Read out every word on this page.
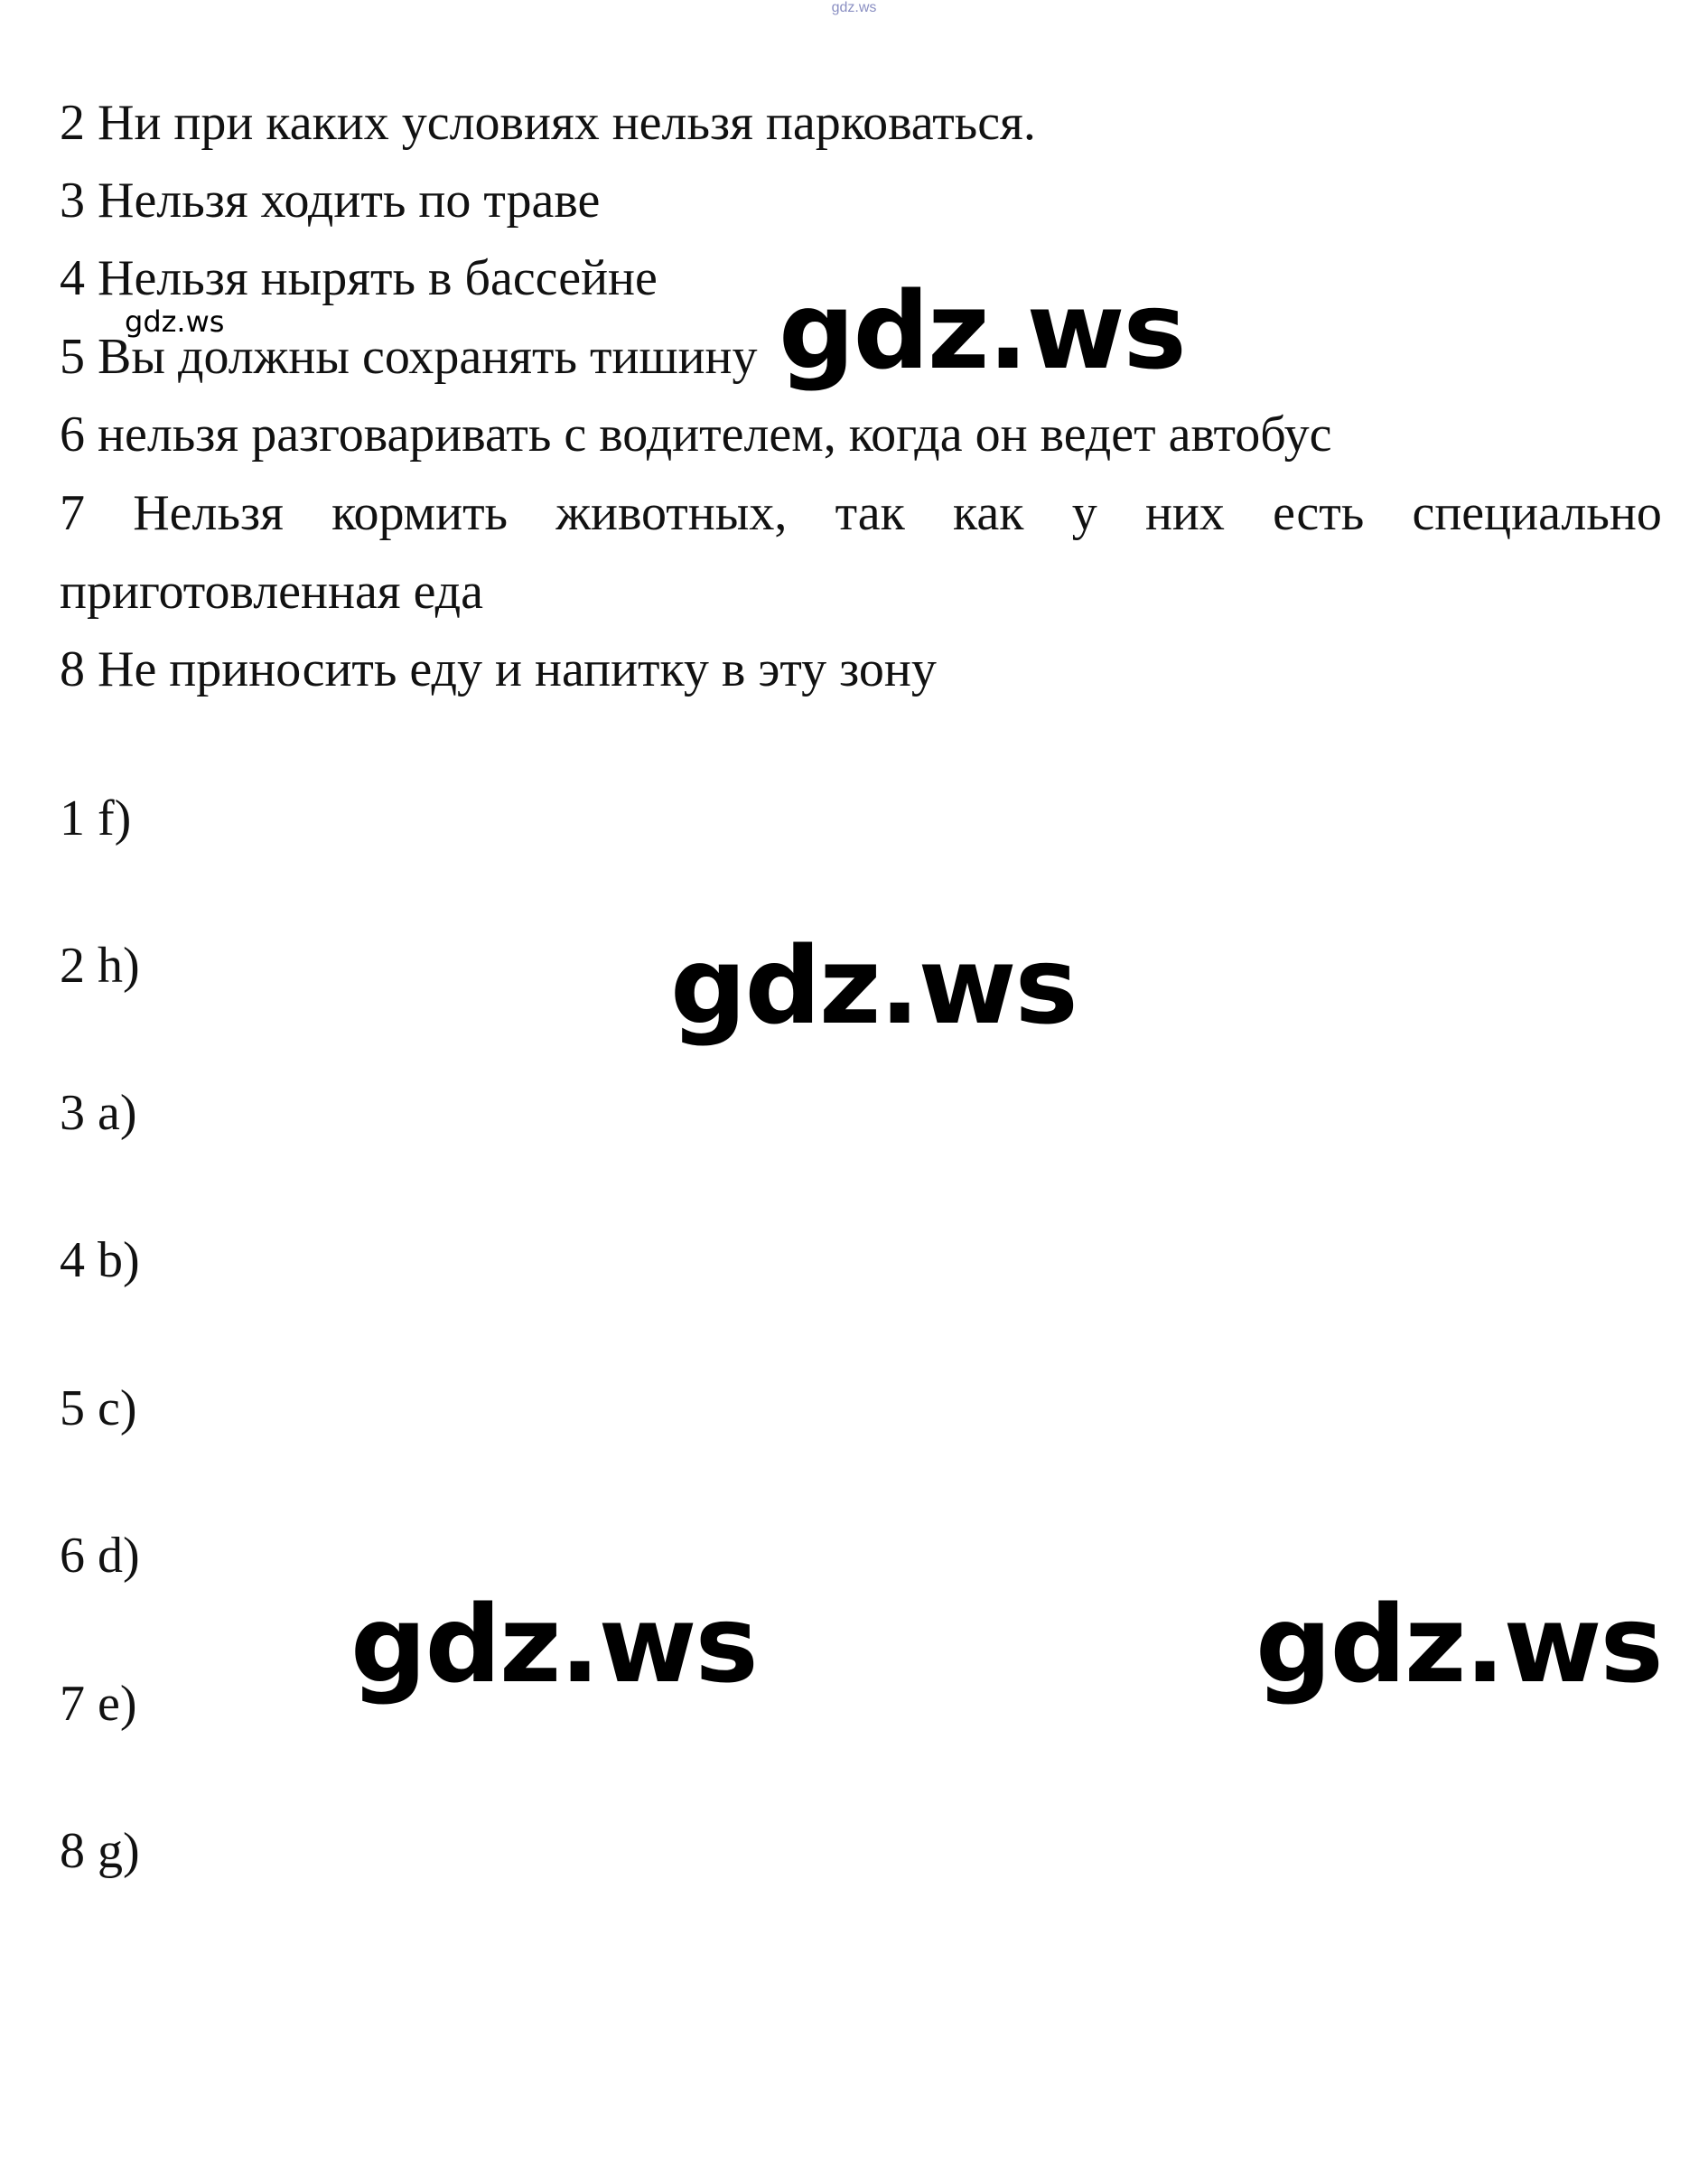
gdz.ws
2 Ни при каких условиях нельзя парковаться.
3 Нельзя ходить по траве
4 Нельзя нырять в бассейне
5 Вы должны сохранять тишину
6 нельзя разговаривать с водителем, когда он ведет автобус
7 Нельзя кормить животных, так как у них есть специально
приготовленная еда
8 Не приносить еду и напитку в эту зону
1 f)
2 h)
3 a)
4 b)
5 c)
6 d)
7 e)
8 g)
gdz.ws	gdz.ws
gdz.ws
gdz.ws	gdz.ws
